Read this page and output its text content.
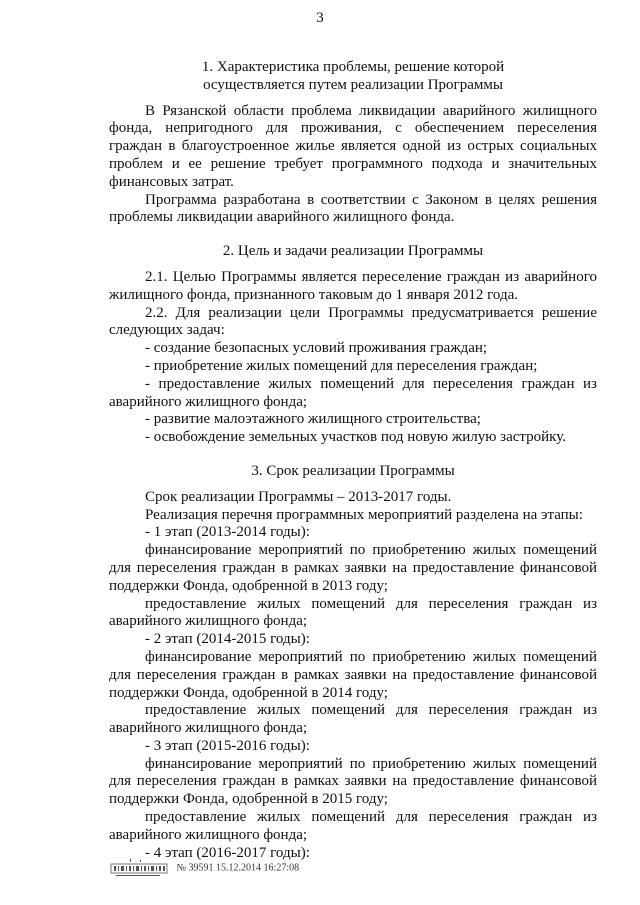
3
1. Характеристика проблемы, решение которой
осуществляется путем реализации Программы

В Рязанской области проблема ликвидации аварийного жилищного фонда, непригодного для проживания, с обеспечением переселения граждан в благоустроенное жилье является одной из острых социальных проблем и ее решение требует программного подхода и значительных финансовых затрат.

Программа разработана в соответствии с Законом в целях решения проблемы ликвидации аварийного жилищного фонда.

2. Цель и задачи реализации Программы

2.1. Целью Программы является переселение граждан из аварийного жилищного фонда, признанного таковым до 1 января 2012 года.

2.2. Для реализации цели Программы предусматривается решение следующих задач:

- создание безопасных условий проживания граждан;

- приобретение жилых помещений для переселения граждан;

- предоставление жилых помещений для переселения граждан из аварийного жилищного фонда;

- развитие малоэтажного жилищного строительства;

- освобождение земельных участков под новую жилую застройку.

3. Срок реализации Программы

Срок реализации Программы – 2013-2017 годы.

Реализация перечня программных мероприятий разделена на этапы:

- 1 этап (2013-2014 годы):

финансирование мероприятий по приобретению жилых помещений для переселения граждан в рамках заявки на предоставление финансовой поддержки Фонда, одобренной в 2013 году;

предоставление жилых помещений для переселения граждан из аварийного жилищного фонда;

- 2 этап (2014-2015 годы):

финансирование мероприятий по приобретению жилых помещений для переселения граждан в рамках заявки на предоставление финансовой поддержки Фонда, одобренной в 2014 году;

предоставление жилых помещений для переселения граждан из аварийного жилищного фонда;

- 3 этап (2015-2016 годы):

финансирование мероприятий по приобретению жилых помещений для переселения граждан в рамках заявки на предоставление финансовой поддержки Фонда, одобренной в 2015 году;

предоставление жилых помещений для переселения граждан из аварийного жилищного фонда;

- 4 этап (2016-2017 годы):

№ 39591 15.12.2014 16:27:08
